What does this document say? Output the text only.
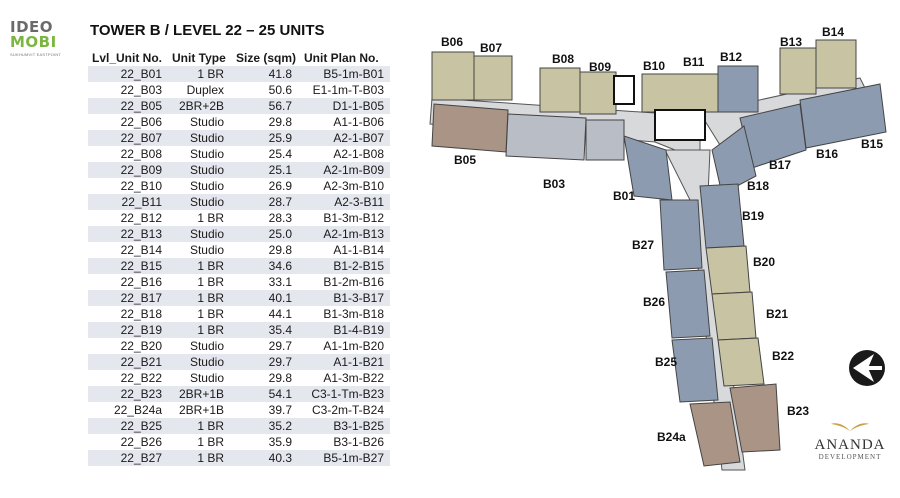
IDEO
MOBI
SUKHUMVIT EASTPOINT
TOWER B / LEVEL 22 – 25 UNITS
Lvl_Unit No.	Unit Type	Size (sqm)	Unit Plan No.
22_B01	1 BR	41.8	B5-1m-B01
22_B03	Duplex	50.6	E1-1m-T-B03
22_B05	2BR+2B	56.7	D1-1-B05
22_B06	Studio	29.8	A1-1-B06
22_B07	Studio	25.9	A2-1-B07
22_B08	Studio	25.4	A2-1-B08
22_B09	Studio	25.1	A2-1m-B09
22_B10	Studio	26.9	A2-3m-B10
22_B11	Studio	28.7	A2-3-B11
22_B12	1 BR	28.3	B1-3m-B12
22_B13	Studio	25.0	A2-1m-B13
22_B14	Studio	29.8	A1-1-B14
22_B15	1 BR	34.6	B1-2-B15
22_B16	1 BR	33.1	B1-2m-B16
22_B17	1 BR	40.1	B1-3-B17
22_B18	1 BR	44.1	B1-3m-B18
22_B19	1 BR	35.4	B1-4-B19
22_B20	Studio	29.7	A1-1m-B20
22_B21	Studio	29.7	A1-1-B21
22_B22	Studio	29.8	A1-3m-B22
22_B23	2BR+1B	54.1	C3-1-Tm-B23
22_B24a	2BR+1B	39.7	C3-2m-T-B24
22_B25	1 BR	35.2	B3-1-B25
22_B26	1 BR	35.9	B3-1-B26
22_B27	1 BR	40.3	B5-1m-B27
B06 B07
B08
B09	B10 B11 B12
B13
B14
B05
B03
B01
B15
B16
B17
B18
B19
B20
B21
B22
B23
B24a
B25
B26
B27
ANANDA
DEVELOPMENT
